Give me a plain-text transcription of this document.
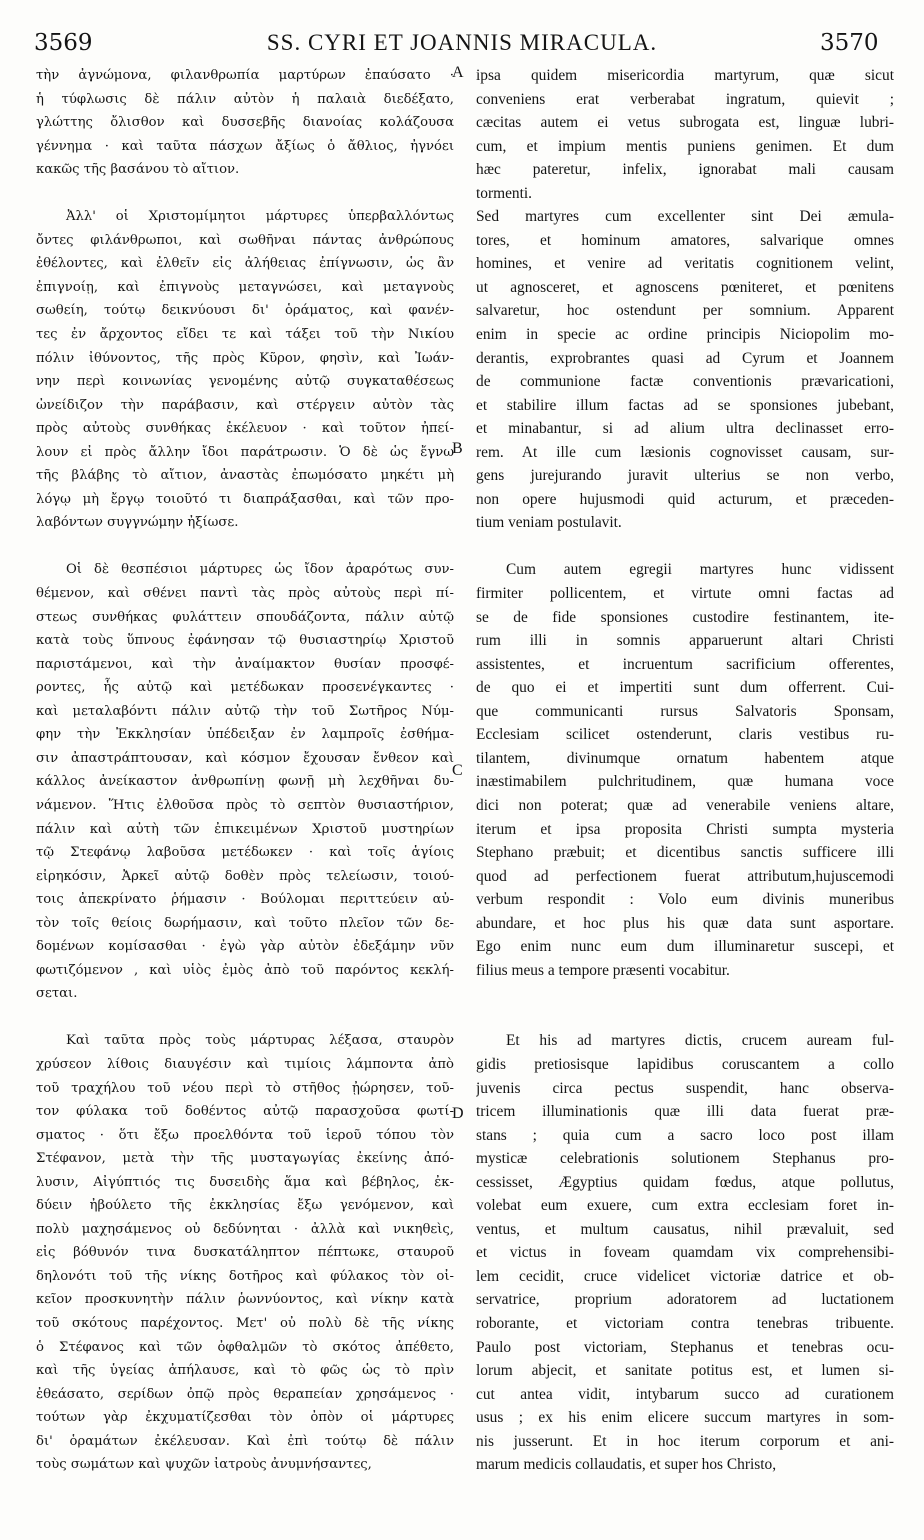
3569	SS. CYRI ET JOANNIS MIRACULA.	3570
τὴν ἀγνώμονα, φιλανθρωπία μαρτύρων ἐπαύσατο ·
ἡ τύφλωσις δὲ πάλιν αὐτὸν ἡ παλαιὰ διεδέξατο,
γλώττης ὄλισθον καὶ δυσσεβῆς διανοίας κολάζουσα
γέννημα · καὶ ταῦτα πάσχων ἄξίως ὁ ἄθλιος, ἠγνόει
κακῶς τῆς βασάνου τὸ αἴτιον.
Ἀλλ' οἱ Χριστομίμητοι μάρτυρες ὑπερβαλλόντως
ὄντες φιλάνθρωποι, καὶ σωθῆναι πάντας ἀνθρώπους
ἐθέλοντες, καὶ ἐλθεῖν εἰς ἀλήθειας ἐπίγνωσιν, ὡς ἂν
ἐπιγνοίῃ, καὶ ἐπιγνοὺς μεταγνώσει, καὶ μεταγνοὺς
σωθείη, τούτῳ δεικνύουσι δι' ὁράματος, καὶ φανέν-
τες ἐν ἄρχοντος εἴδει τε καὶ τάξει τοῦ τὴν Νικίου
πόλιν ἰθύνοντος, τῆς πρὸς Κῦρον, φησὶν, καὶ Ἰωάν-
νην περὶ κοινωνίας γενομένης αὐτῷ συγκαταθέσεως
ὠνείδιζον τὴν παράβασιν, καὶ στέργειν αὐτὸν τὰς
πρὸς αὐτοὺς συνθήκας ἐκέλευον · καὶ τοῦτον ἠπεί-
λουν εἰ πρὸς ἄλλην ἴδοι παράτρωσιν. Ὁ δὲ ὡς ἔγνω
τῆς βλάβης τὸ αἴτιον, ἀναστὰς ἐπωμόσατο μηκέτι μὴ
λόγῳ μὴ ἔργῳ τοιοῦτό τι διαπράξασθαι, καὶ τῶν προ-
λαβόντων συγγνώμην ἠξίωσε.
Οἱ δὲ θεσπέσιοι μάρτυρες ὡς ἴδον ἀραρότως συν-
θέμενον, καὶ σθένει παντὶ τὰς πρὸς αὐτοὺς περὶ πί-
στεως συνθήκας φυλάττειν σπουδάζοντα, πάλιν αὐτῷ
κατὰ τοὺς ὕπνους ἐφάνησαν τῷ θυσιαστηρίῳ Χριστοῦ
παριστάμενοι, καὶ τὴν ἀναίμακτον θυσίαν προσφέ-
ροντες, ἧς αὐτῷ καὶ μετέδωκαν προσενέγκαντες ·
καὶ μεταλαβόντι πάλιν αὐτῷ τὴν τοῦ Σωτῆρος Νύμ-
φην τὴν Ἐκκλησίαν ὑπέδειξαν ἐν λαμπροῖς ἐσθήμα-
σιν ἀπαστράπτουσαν, καὶ κόσμον ἔχουσαν ἔνθεον καὶ
κάλλος ἀνείκαστον ἀνθρωπίνῃ φωνῇ μὴ λεχθῆναι δυ-
νάμενον. Ἥτις ἐλθοῦσα πρὸς τὸ σεπτὸν θυσιαστήριον,
πάλιν καὶ αὐτὴ τῶν ἐπικειμένων Χριστοῦ μυστηρίων
τῷ Στεφάνῳ λαβοῦσα μετέδωκεν · καὶ τοῖς ἁγίοις
εἰρηκόσιν, Ἀρκεῖ αὐτῷ δοθὲν πρὸς τελείωσιν, τοιού-
τοις ἀπεκρίνατο ῥήμασιν · Βούλομαι περιττεύειν αὐ-
τὸν τοῖς θείοις δωρήμασιν, καὶ τοῦτο πλεῖον τῶν δε-
δομένων κομίσασθαι · ἐγὼ γὰρ αὐτὸν ἐδεξάμην νῦν
φωτιζόμενον , καὶ υἱὸς ἐμὸς ἀπὸ τοῦ παρόντος κεκλή-
σεται.
Καὶ ταῦτα πρὸς τοὺς μάρτυρας λέξασα, σταυρὸν
χρύσεον λίθοις διαυγέσιν καὶ τιμίοις λάμποντα ἀπὸ
τοῦ τραχήλου τοῦ νέου περὶ τὸ στῆθος ᾐώρησεν, τοῦ-
τον φύλακα τοῦ δοθέντος αὐτῷ παρασχοῦσα φωτί-
σματος · ὅτι ἔξω προελθόντα τοῦ ἱεροῦ τόπου τὸν
Στέφανον, μετὰ τὴν τῆς μυσταγωγίας ἐκείνης ἀπό-
λυσιν, Αἰγύπτιός τις δυσειδὴς ἅμα καὶ βέβηλος, ἐκ-
δύειν ἠβούλετο τῆς ἐκκλησίας ἔξω γενόμενον, καὶ
πολὺ μαχησάμενος οὐ δεδύνηται · ἀλλὰ καὶ νικηθεὶς,
εἰς βόθυνόν τινα δυσκατάληπτον πέπτωκε, σταυροῦ
δηλονότι τοῦ τῆς νίκης δοτῆρος καὶ φύλακος τὸν οἰ-
κεῖον προσκυνητὴν πάλιν ῥωννύοντος, καὶ νίκην κατὰ
τοῦ σκότους παρέχοντος. Μετ' οὐ πολὺ δὲ τῆς νίκης
ὁ Στέφανος καὶ τῶν ὀφθαλμῶν τὸ σκότος ἀπέθετο,
καὶ τῆς ὑγείας ἀπήλαυσε, καὶ τὸ φῶς ὡς τὸ πρὶν
ἐθεάσατο, σερίδων ὀπῷ πρὸς θεραπείαν χρησάμενος ·
τούτων γὰρ ἐκχυματίζεσθαι τὸν ὀπὸν οἱ μάρτυρες
δι' ὁραμάτων ἐκέλευσαν. Καὶ ἐπὶ τούτῳ δὲ πάλιν
τοὺς σωμάτων καὶ ψυχῶν ἰατροὺς ἀνυμνήσαντες,
A
B
C
D
ipsa quidem misericordia martyrum, quæ sicut
conveniens erat verberabat ingratum, quievit ;
cæcitas autem ei vetus subrogata est, linguæ lubri-
cum, et impium mentis puniens genimen. Et dum
hæc pateretur, infelix, ignorabat mali causam
tormenti.
Sed martyres cum excellenter sint Dei æmula-
tores, et hominum amatores, salvarique omnes
homines, et venire ad veritatis cognitionem velint,
ut agnosceret, et agnoscens pœniteret, et pœnitens
salvaretur, hoc ostendunt per somnium. Apparent
enim in specie ac ordine principis Niciopolim mo-
derantis, exprobrantes quasi ad Cyrum et Joannem
de communione factæ conventionis prævaricationi,
et stabilire illum factas ad se sponsiones jubebant,
et minabantur, si ad alium ultra declinasset erro-
rem. At ille cum læsionis cognovisset causam, sur-
gens jurejurando juravit ulterius se non verbo,
non opere hujusmodi quid acturum, et præceden-
tium veniam postulavit.
Cum autem egregii martyres hunc vidissent
firmiter pollicentem, et virtute omni factas ad
se de fide sponsiones custodire festinantem, ite-
rum illi in somnis apparuerunt altari Christi
assistentes, et incruentum sacrificium offerentes,
de quo ei et impertiti sunt dum offerrent. Cui-
que communicanti rursus Salvatoris Sponsam,
Ecclesiam scilicet ostenderunt, claris vestibus ru-
tilantem, divinumque ornatum habentem atque
inæstimabilem pulchritudinem, quæ humana voce
dici non poterat; quæ ad venerabile veniens altare,
iterum et ipsa proposita Christi sumpta mysteria
Stephano præbuit; et dicentibus sanctis sufficere illi
quod ad perfectionem fuerat attributum,hujuscemodi
verbum respondit : Volo eum divinis muneribus
abundare, et hoc plus his quæ data sunt asportare.
Ego enim nunc eum dum illuminaretur suscepi, et
filius meus a tempore præsenti vocabitur.
Et his ad martyres dictis, crucem auream ful-
gidis pretiosisque lapidibus coruscantem a collo
juvenis circa pectus suspendit, hanc observa-
tricem illuminationis quæ illi data fuerat præ-
stans ; quia cum a sacro loco post illam
mysticæ celebrationis solutionem Stephanus pro-
cessisset, Ægyptius quidam fœdus, atque pollutus,
volebat eum exuere, cum extra ecclesiam foret in-
ventus, et multum causatus, nihil prævaluit, sed
et victus in foveam quamdam vix comprehensibi-
lem cecidit, cruce videlicet victoriæ datrice et ob-
servatrice, proprium adoratorem ad luctationem
roborante, et victoriam contra tenebras tribuente.
Paulo post victoriam, Stephanus et tenebras ocu-
lorum abjecit, et sanitate potitus est, et lumen si-
cut antea vidit, intybarum succo ad curationem
usus ; ex his enim elicere succum martyres in som-
nis jusserunt. Et in hoc iterum corporum et ani-
marum medicis collaudatis, et super hos Christo,
